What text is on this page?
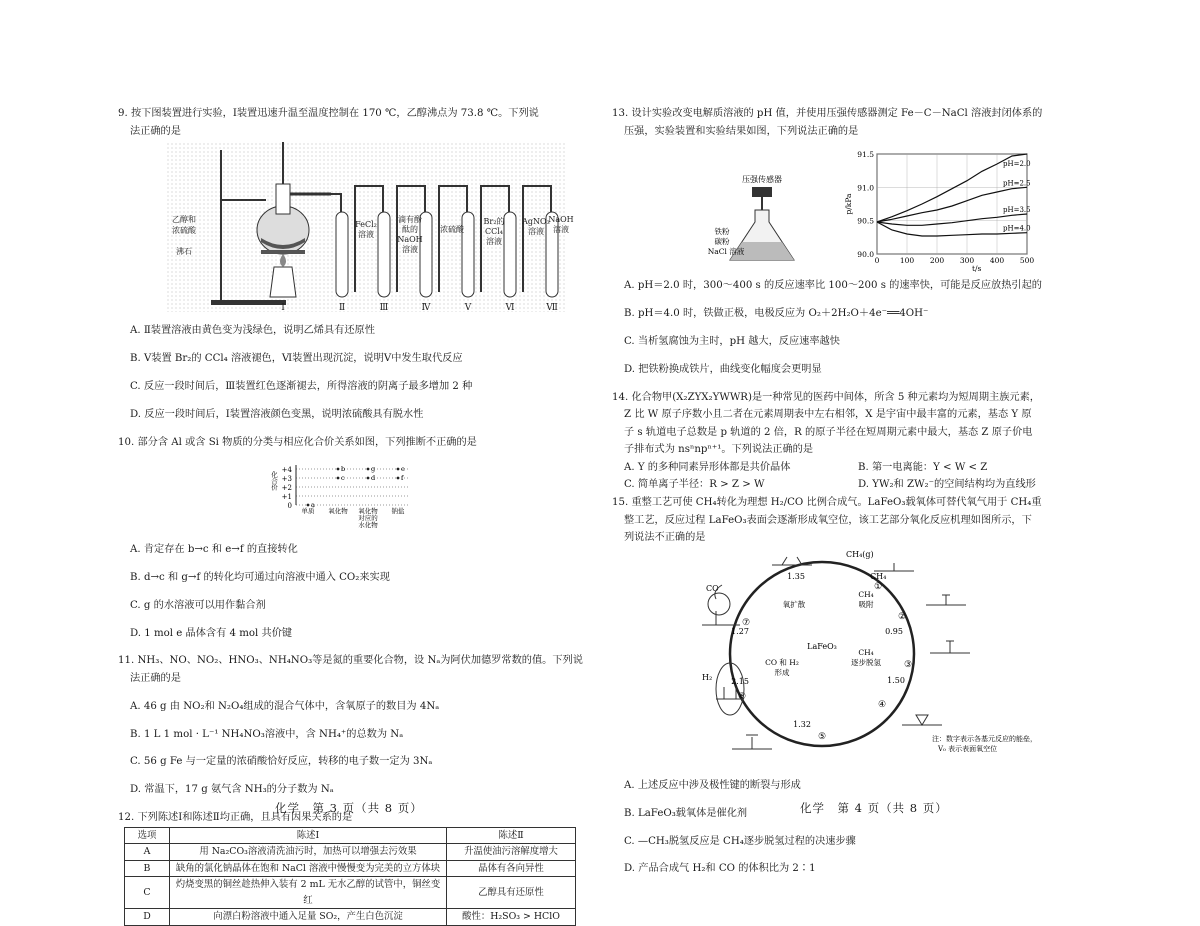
9. 按下图装置进行实验，Ⅰ装置迅速升温至温度控制在 170 ℃，乙醇沸点为 73.8 ℃。下列说

法正确的是

乙醇和
浓硫酸
沸石
Ⅰ	Ⅱ	Ⅲ	Ⅳ	Ⅴ	Ⅵ	Ⅶ
FeCl₂
溶液
滴有酚
酞的
NaOH
溶液
浓硫酸
Br₂的
CCl₄
溶液
AgNO₃
溶液
NaOH
溶液

A. Ⅱ装置溶液由黄色变为浅绿色，说明乙烯具有还原性

B. Ⅴ装置 Br₂的 CCl₄ 溶液褪色，Ⅵ装置出现沉淀，说明Ⅴ中发生取代反应

C. 反应一段时间后，Ⅲ装置红色逐渐褪去，所得溶液的阴离子最多增加 2 种

D. 反应一段时间后，Ⅰ装置溶液颜色变黑，说明浓硫酸具有脱水性

10. 部分含 Al 或含 Si 物质的分类与相应化合价关系如图，下列推断不正确的是

+4
+3
+2
+1
0
化合价
单质 氧化物 氧化物
对应的
水化物
钠盐
a
b
c	d
e
f
g

A. 肯定存在 b→c 和 e→f 的直接转化

B. d→c 和 g→f 的转化均可通过向溶液中通入 CO₂来实现

C. g 的水溶液可以用作黏合剂

D. 1 mol e 晶体含有 4 mol 共价键

11. NH₃、NO、NO₂、HNO₃、NH₄NO₃等是氮的重要化合物，设 Nₐ为阿伏加德罗常数的值。下列说

法正确的是

A. 46 g 由 NO₂和 N₂O₄组成的混合气体中，含氧原子的数目为 4Nₐ

B. 1 L 1 mol · L⁻¹ NH₄NO₃溶液中，含 NH₄⁺的总数为 Nₐ

C. 56 g Fe 与一定量的浓硝酸恰好反应，转移的电子数一定为 3Nₐ

D. 常温下，17 g 氨气含 NH₃的分子数为 Nₐ

12. 下列陈述Ⅰ和陈述Ⅱ均正确，且具有因果关系的是

选项	陈述Ⅰ	陈述Ⅱ
A	用 Na₂CO₃溶液清洗油污时，加热可以增强去污效果	升温使油污溶解度增大
B	缺角的氯化钠晶体在饱和 NaCl 溶液中慢慢变为完美的立方体块	晶体有各向异性
C	灼烧变黑的铜丝趁热伸入装有 2 mL 无水乙醇的试管中，铜丝变红	乙醇具有还原性
D	向漂白粉溶液中通入足量 SO₂，产生白色沉淀	酸性：H₂SO₃ > HClO
化学　第 3 页（共 8 页）

13. 设计实验改变电解质溶液的 pH 值，并使用压强传感器测定 Fe－C－NaCl 溶液封闭体系的

压强，实验装置和实验结果如图，下列说法正确的是

压强传感器
铁粉
碳粉
NaCl 溶液
91.5
91.0
90.5
90.0
0	100 200 300 400 500
p/kPa
t/s
pH=2.0
pH=2.5
pH=3.5
pH=4.0

A. pH＝2.0 时，300～400 s 的反应速率比 100～200 s 的速率快，可能是反应放热引起的

B. pH＝4.0 时，铁做正极，电极反应为 O₂＋2H₂O＋4e⁻══4OH⁻

C. 当析氢腐蚀为主时，pH 越大，反应速率越快

D. 把铁粉换成铁片，曲线变化幅度会更明显

14. 化合物甲(X₂ZYX₂YWWR)是一种常见的医药中间体，所含 5 种元素均为短周期主族元素，

Z 比 W 原子序数小且二者在元素周期表中左右相邻，X 是宇宙中最丰富的元素，基态 Y 原

子 s 轨道电子总数是 p 轨道的 2 倍，R 的原子半径在短周期元素中最大，基态 Z 原子价电

子排布式为 nsⁿnpⁿ⁺¹。下列说法正确的是

A. Y 的多种同素异形体都是共价晶体	B. 第一电离能：Y < W < Z
C. 简单离子半径：R > Z > W	D. YW₂和 ZW₂⁻的空间结构均为直线形

15. 重整工艺可使 CH₄转化为理想 H₂/CO 比例合成气。LaFeO₃载氧体可替代氧气用于 CH₄重

整工艺，反应过程 LaFeO₃表面会逐渐形成氧空位，该工艺部分氧化反应机理如图所示，下

列说法不正确的是

LaFeO₃
CH₄(g)
CH₄
CO
H₂
①
②
③
④
⑤
⑥
⑦
1.35
0.95
1.50
1.32
2.15
1.27
CH₄
吸附
CH₄
逐步脱氢
CO 和 H₂
形成
氧扩散
注：数字表示各基元反应的能垒，
V₀ 表示表面氧空位

A. 上述反应中涉及极性键的断裂与形成

B. LaFeO₃载氧体是催化剂

C. —CH₃脱氢反应是 CH₄逐步脱氢过程的决速步骤

D. 产品合成气 H₂和 CO 的体积比为 2∶1

化学　第 4 页（共 8 页）
